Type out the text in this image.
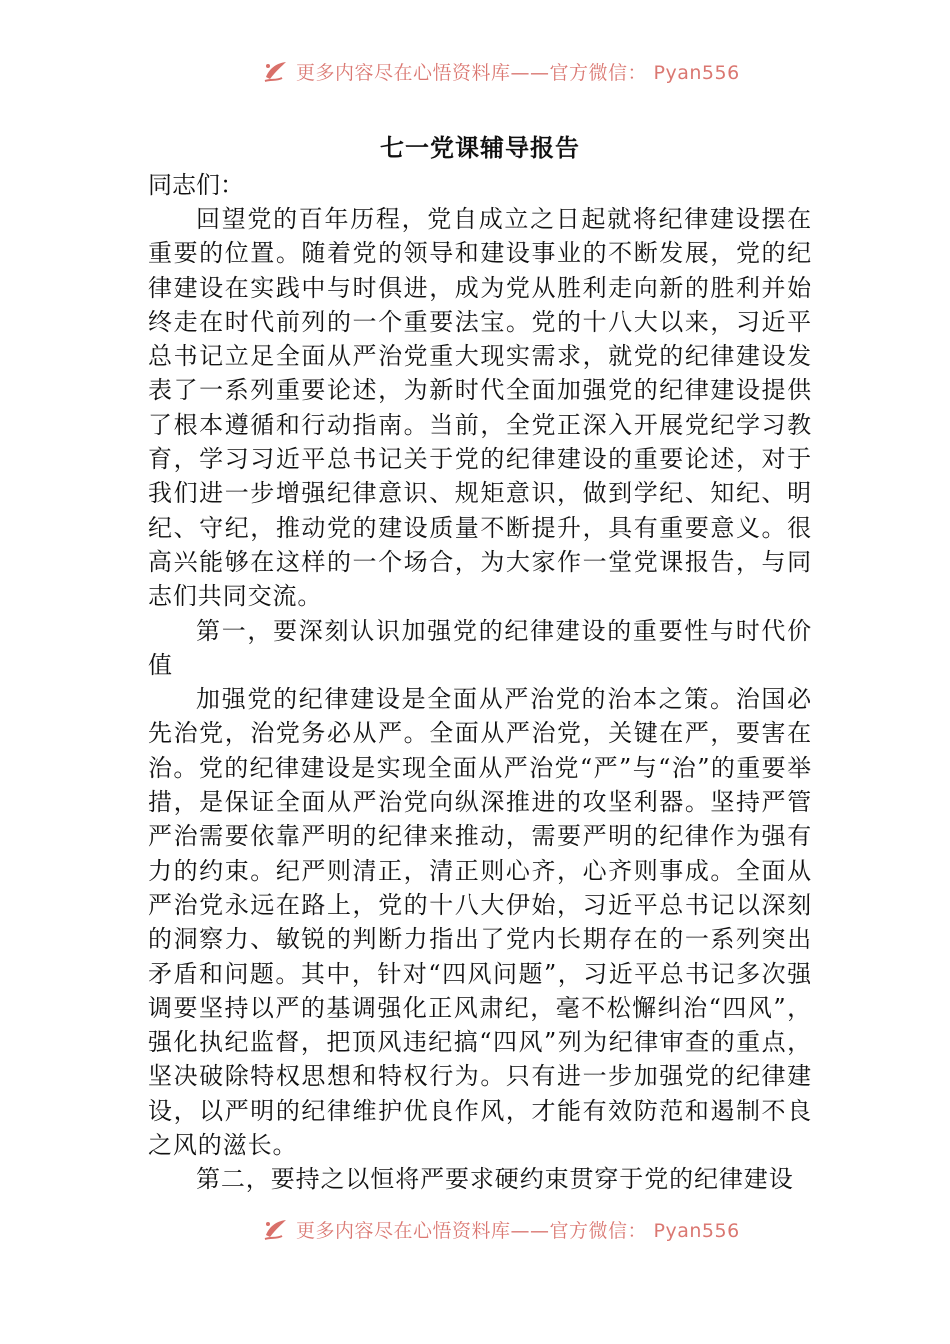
更多内容尽在心悟资料库——官方微信： Pyan556
七一党课辅导报告

同志们：

回望党的百年历程，党自成立之日起就将纪律建设摆在重要的位置。随着党的领导和建设事业的不断发展，党的纪律建设在实践中与时俱进，成为党从胜利走向新的胜利并始终走在时代前列的一个重要法宝。党的十八大以来，习近平总书记立足全面从严治党重大现实需求，就党的纪律建设发表了一系列重要论述，为新时代全面加强党的纪律建设提供了根本遵循和行动指南。当前，全党正深入开展党纪学习教育，学习习近平总书记关于党的纪律建设的重要论述，对于我们进一步增强纪律意识、规矩意识，做到学纪、知纪、明纪、守纪，推动党的建设质量不断提升，具有重要意义。很高兴能够在这样的一个场合，为大家作一堂党课报告，与同志们共同交流。

第一，要深刻认识加强党的纪律建设的重要性与时代价值

加强党的纪律建设是全面从严治党的治本之策。治国必先治党，治党务必从严。全面从严治党，关键在严，要害在治。党的纪律建设是实现全面从严治党“严”与“治”的重要举措，是保证全面从严治党向纵深推进的攻坚利器。坚持严管严治需要依靠严明的纪律来推动，需要严明的纪律作为强有力的约束。纪严则清正，清正则心齐，心齐则事成。全面从严治党永远在路上，党的十八大伊始，习近平总书记以深刻的洞察力、敏锐的判断力指出了党内长期存在的一系列突出矛盾和问题。其中，针对“四风问题”，习近平总书记多次强调要坚持以严的基调强化正风肃纪，毫不松懈纠治“四风”，强化执纪监督，把顶风违纪搞“四风”列为纪律审查的重点，坚决破除特权思想和特权行为。只有进一步加强党的纪律建设，以严明的纪律维护优良作风，才能有效防范和遏制不良之风的滋长。

第二，要持之以恒将严要求硬约束贯穿于党的纪律建设

更多内容尽在心悟资料库——官方微信： Pyan556
